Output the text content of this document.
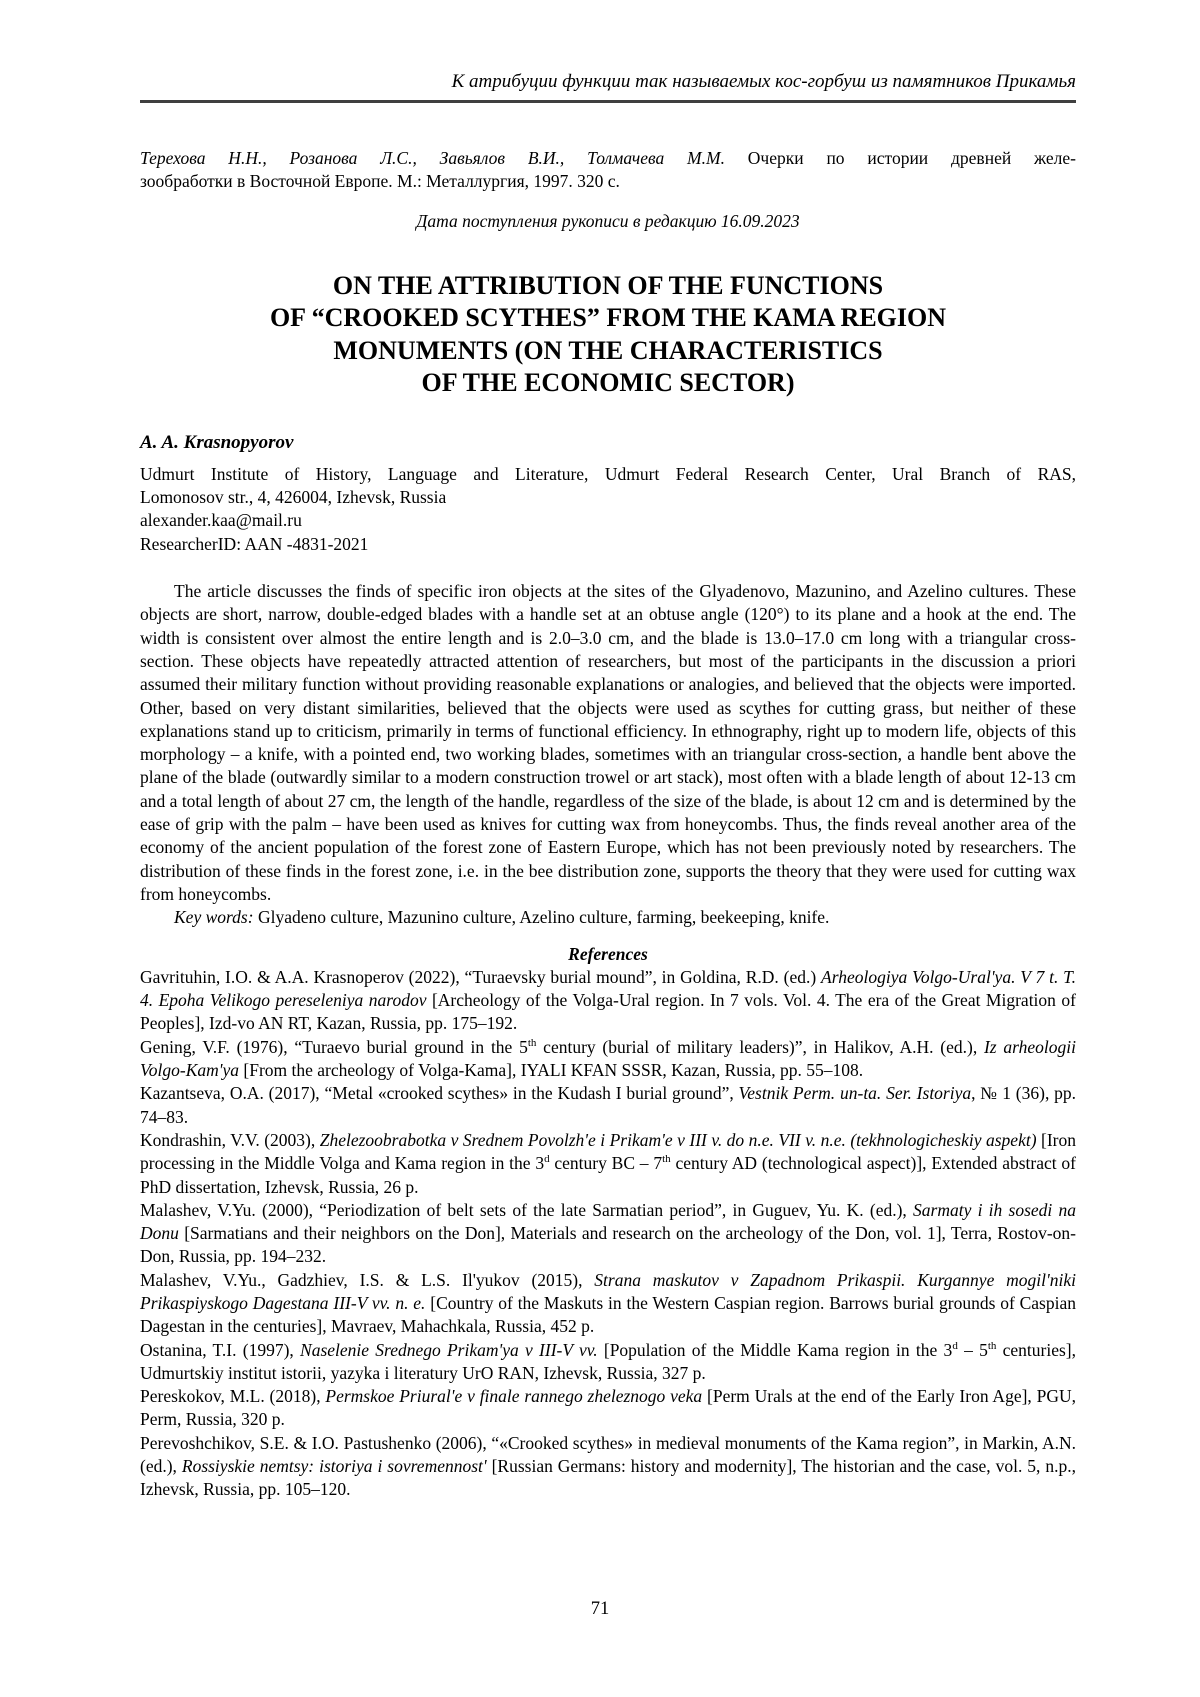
К атрибуции функции так называемых кос-горбуш из памятников Прикамья
Терехова Н.Н., Розанова Л.С., Завьялов В.И., Толмачева М.М. Очерки по истории древней желе-
зообработки в Восточной Европе. М.: Металлургия, 1997. 320 с.
Дата поступления рукописи в редакцию 16.09.2023
ON THE ATTRIBUTION OF THE FUNCTIONS
OF “CROOKED SCYTHES” FROM THE KAMA REGION
MONUMENTS (ON THE CHARACTERISTICS
OF THE ECONOMIC SECTOR)
A. A. Krasnopyorov
Udmurt Institute of History, Language and Literature, Udmurt Federal Research Center, Ural Branch of RAS,
Lomonosov str., 4, 426004, Izhevsk, Russia
alexander.kaa@mail.ru
ResearcherID: AAN -4831-2021

The article discusses the finds of specific iron objects at the sites of the Glyadenovo, Mazunino, and Azelino cultures. These objects are short, narrow, double-edged blades with a handle set at an obtuse angle (120°) to its plane and a hook at the end. The width is consistent over almost the entire length and is 2.0–3.0 cm, and the blade is 13.0–17.0 cm long with a triangular cross-section. These objects have repeatedly attracted attention of researchers, but most of the participants in the discussion a priori assumed their military function without providing reasonable explanations or analogies, and believed that the objects were imported. Other, based on very distant similarities, believed that the objects were used as scythes for cutting grass, but neither of these explanations stand up to criticism, primarily in terms of functional efficiency. In ethnography, right up to modern life, objects of this morphology – a knife, with a pointed end, two working blades, sometimes with an triangular cross-section, a handle bent above the plane of the blade (outwardly similar to a modern construction trowel or art stack), most often with a blade length of about 12-13 cm and a total length of about 27 cm, the length of the handle, regardless of the size of the blade, is about 12 cm and is determined by the ease of grip with the palm – have been used as knives for cutting wax from honeycombs. Thus, the finds reveal another area of the economy of the ancient population of the forest zone of Eastern Europe, which has not been previously noted by researchers. The distribution of these finds in the forest zone, i.e. in the bee distribution zone, supports the theory that they were used for cutting wax from honeycombs.

Key words: Glyadeno culture, Mazunino culture, Azelino culture, farming, beekeeping, knife.

References

Gavrituhin, I.O. & A.A. Krasnoperov (2022), “Turaevsky burial mound”, in Goldina, R.D. (ed.) Arheologiya Volgo-Ural'ya. V 7 t. T. 4. Epoha Velikogo pereseleniya narodov [Archeology of the Volga-Ural region. In 7 vols. Vol. 4. The era of the Great Migration of Peoples], Izd-vo AN RT, Kazan, Russia, pp. 175–192.

Gening, V.F. (1976), “Turaevo burial ground in the 5th century (burial of military leaders)”, in Halikov, A.H. (ed.), Iz arheologii Volgo-Kam'ya [From the archeology of Volga-Kama], IYALI KFAN SSSR, Kazan, Russia, pp. 55–108.

Kazantseva, O.A. (2017), “Metal «crooked scythes» in the Kudash I burial ground”, Vestnik Perm. un-ta. Ser. Istoriya, № 1 (36), pp. 74–83.

Kondrashin, V.V. (2003), Zhelezoobrabotka v Srednem Povolzh'e i Prikam'e v III v. do n.e. VII v. n.e. (tekhnologicheskiy aspekt) [Iron processing in the Middle Volga and Kama region in the 3$^d$ century BC – 7th century AD (technological aspect)], Extended abstract of PhD dissertation, Izhevsk, Russia, 26 p.

Malashev, V.Yu. (2000), “Periodization of belt sets of the late Sarmatian period”, in Guguev, Yu. K. (ed.), Sarmaty i ih sosedi na Donu [Sarmatians and their neighbors on the Don], Materials and research on the archeology of the Don, vol. 1], Terra, Rostov-on-Don, Russia, pp. 194–232.

Malashev, V.Yu., Gadzhiev, I.S. & L.S. Il'yukov (2015), Strana maskutov v Zapadnom Prikaspii. Kurgannye mogil'niki Prikaspiyskogo Dagestana III-V vv. n. e. [Country of the Maskuts in the Western Caspian region. Barrows burial grounds of Caspian Dagestan in the centuries], Mavraev, Mahachkala, Russia, 452 p.

Ostanina, T.I. (1997), Naselenie Srednego Prikam'ya v III-V vv. [Population of the Middle Kama region in the 3$^d$ – 5th centuries], Udmurtskiy institut istorii, yazyka i literatury UrO RAN, Izhevsk, Russia, 327 p.

Pereskokov, M.L. (2018), Permskoe Priural'e v finale rannego zheleznogo veka [Perm Urals at the end of the Early Iron Age], PGU, Perm, Russia, 320 p.

Perevoshchikov, S.E. & I.O. Pastushenko (2006), “«Crooked scythes» in medieval monuments of the Kama region”, in Markin, A.N. (ed.), Rossiyskie nemtsy: istoriya i sovremennost' [Russian Germans: history and modernity], The historian and the case, vol. 5, n.p., Izhevsk, Russia, pp. 105–120.

71
